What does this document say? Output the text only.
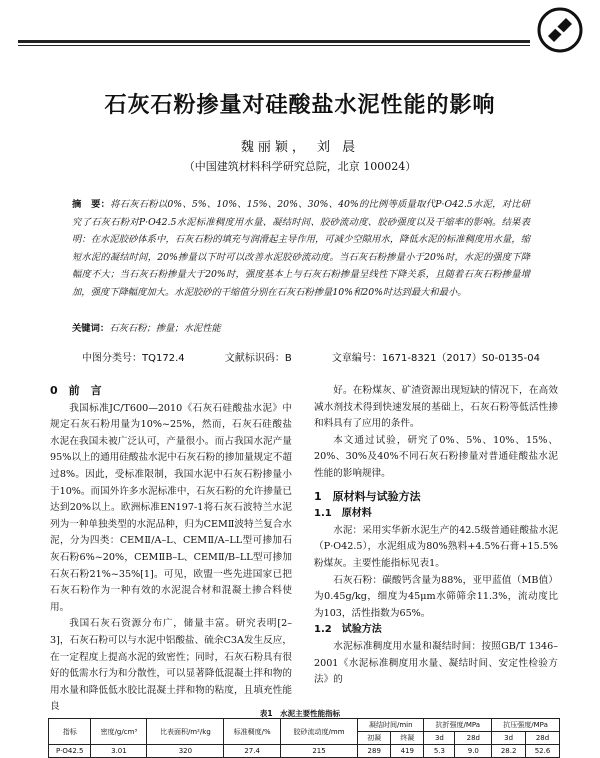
石灰石粉掺量对硅酸盐水泥性能的影响
魏丽颖， 刘 晨
（中国建筑材料科学研究总院，北京 100024）
摘　要：将石灰石粉以0%、5%、10%、15%、20%、30%、40%的比例等质量取代P·O42.5水泥，对比研究了石灰石粉对P·O42.5水泥标准稠度用水量、凝结时间、胶砂流动度、胶砂强度以及干缩率的影响。结果表明：在水泥胶砂体系中，石灰石粉的填充与润滑起主导作用，可减少空隙用水，降低水泥的标准稠度用水量，缩短水泥的凝结时间，20%掺量以下时可以改善水泥胶砂流动度。当石灰石粉掺量小于20%时，水泥的强度下降幅度不大；当石灰石粉掺量大于20%时，强度基本上与石灰石粉掺量呈线性下降关系，且随着石灰石粉掺量增加，强度下降幅度加大。水泥胶砂的干缩值分别在石灰石粉掺量10%和20%时达到最大和最小。
关键词：石灰石粉；掺量；水泥性能
中图分类号：TQ172.4	文献标识码：B	文章编号：1671-8321（2017）S0-0135-04
0　前　言

我国标准JC/T600—2010《石灰石硅酸盐水泥》中规定石灰石粉用量为10%~25%，然而，石灰石硅酸盐水泥在我国未被广泛认可，产量很小。而占我国水泥产量95%以上的通用硅酸盐水泥中石灰石粉的掺加量规定不超过8%。因此，受标准限制，我国水泥中石灰石粉掺量小于10%。而国外许多水泥标准中，石灰石粉的允许掺量已达到20%以上。欧洲标准EN197-1将石灰石波特兰水泥列为一种单独类型的水泥品种，归为CEMⅡ波特兰复合水泥，分为四类：CEMⅡ/A–L、CEMⅡ/A–LL型可掺加石灰石粉6%~20%，CEMⅡB–L、CEMⅡ/B–LL型可掺加石灰石粉21%~35%[1]。可见，欧盟一些先进国家已把石灰石粉作为一种有效的水泥混合材和混凝土掺合料使用。

我国石灰石资源分布广，储量丰富。研究表明[2–3]，石灰石粉可以与水泥中铝酸盐、硫余C3A发生反应，在一定程度上提高水泥的致密性；同时，石灰石粉具有很好的低需水行为和分散性，可以显著降低混凝土拌和物的用水量和降低低水胶比混凝土拌和物的粘度，且填充性能良

好。在粉煤灰、矿渣资源出现短缺的情况下，在高效减水剂技术得到快速发展的基础上，石灰石粉等低活性掺和料具有了应用的条件。

本文通过试验，研究了0%、5%、10%、15%、20%、30%及40%不同石灰石粉掺量对普通硅酸盐水泥性能的影响规律。

1　原材料与试验方法
1.1　原材料

水泥：采用实华新水泥生产的42.5级普通硅酸盐水泥（P·O42.5），水泥组成为80%熟料+4.5%石膏+15.5%粉煤灰。主要性能指标见表1。

石灰石粉：碳酸钙含量为88%，亚甲蓝值（MB值）为0.45g/kg，细度为45μm水筛筛余11.3%，流动度比为103，活性指数为65%。

1.2　试验方法

水泥标准稠度用水量和凝结时间：按照GB/T 1346–2001《水泥标准稠度用水量、凝结时间、安定性检验方法》的

表1　水泥主要性能指标
指标	密度/g/cm³	比表面积/m²/kg	标准稠度/%	胶砂流动度/mm	凝结时间/min		抗折强度/MPa		抗压强度/MPa	
					初凝	终凝	3d	28d	3d	28d
P·O42.5	3.01	320	27.4	215	289	419	5.3	9.0	28.2	52.6
